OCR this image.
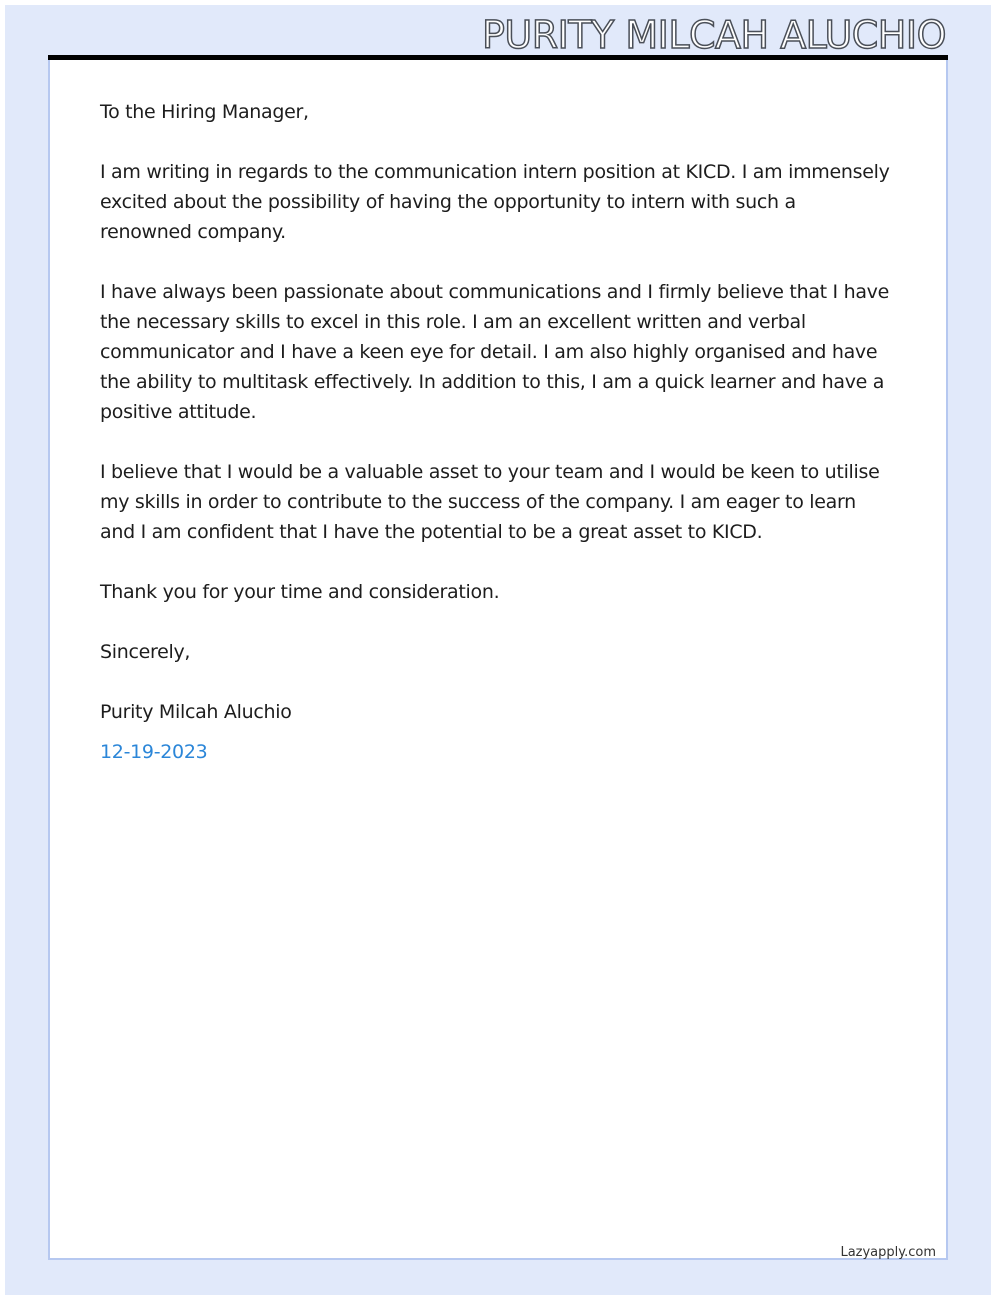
PURITY MILCAH ALUCHIO

To the Hiring Manager,

I am writing in regards to the communication intern position at KICD. I am immensely excited about the possibility of having the opportunity to intern with such a renowned company.

I have always been passionate about communications and I firmly believe that I have the necessary skills to excel in this role. I am an excellent written and verbal communicator and I have a keen eye for detail. I am also highly organised and have the ability to multitask effectively. In addition to this, I am a quick learner and have a positive attitude.

I believe that I would be a valuable asset to your team and I would be keen to utilise my skills in order to contribute to the success of the company. I am eager to learn and I am confident that I have the potential to be a great asset to KICD.

Thank you for your time and consideration.

Sincerely,

Purity Milcah Aluchio

12-19-2023

Lazyapply.com
